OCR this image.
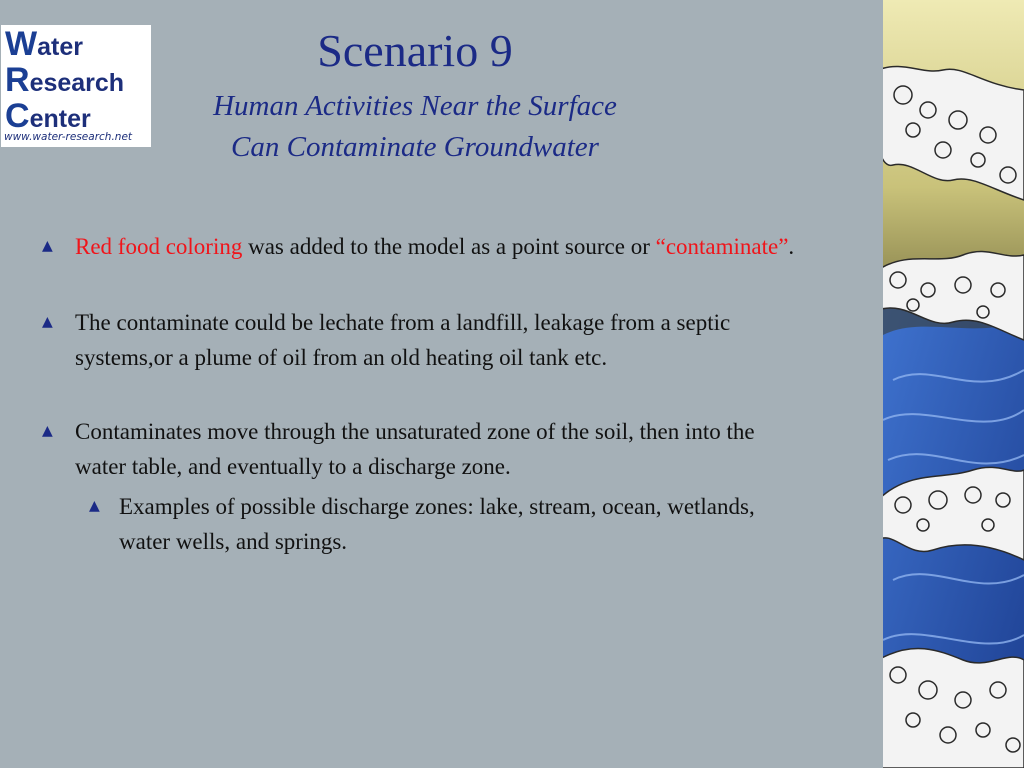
Water
Research
Center
www.water-research.net
Scenario 9
Human Activities Near the Surface
Can Contaminate Groundwater
▲ Red food coloring was added to the model as a point source or “contaminate”.
▲ The contaminate could be lechate from a landfill, leakage from a septic systems,or a plume of oil from an old heating oil tank etc.
▲ Contaminates move through the unsaturated zone of the soil, then into the water table, and eventually to a discharge zone.
▲ Examples of possible discharge zones: lake, stream, ocean, wetlands, water wells, and springs.
